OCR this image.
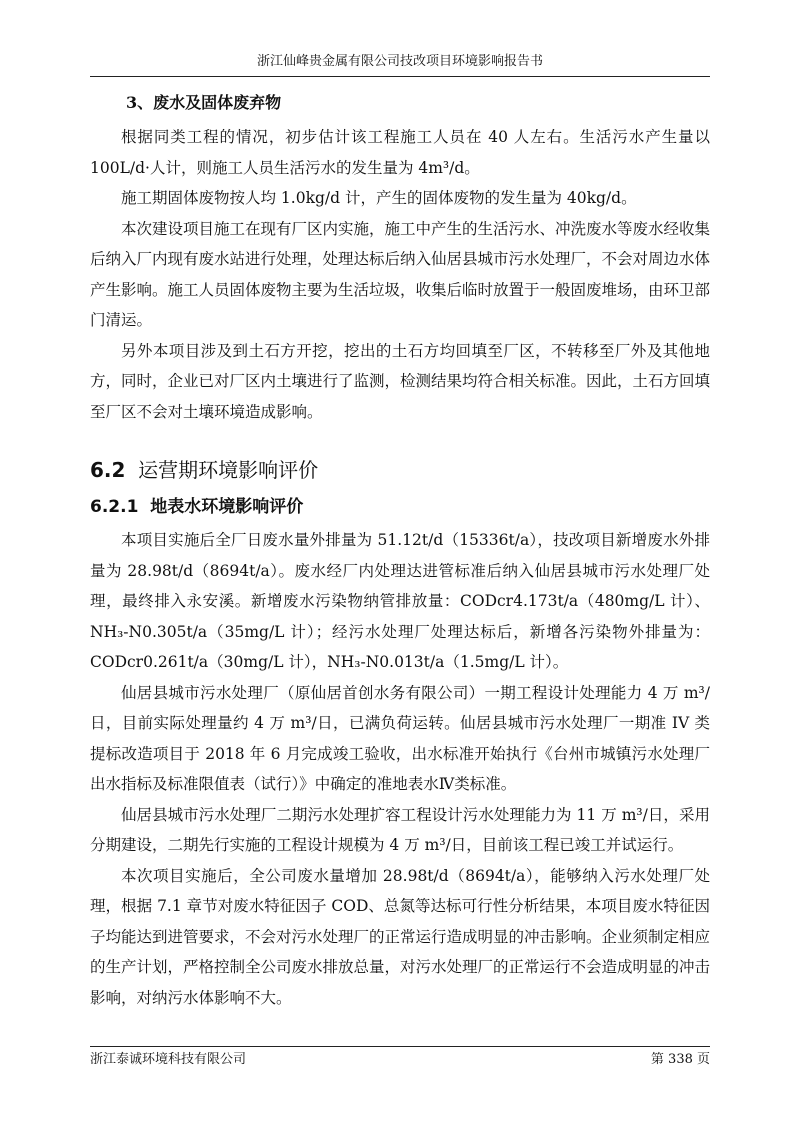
浙江仙峰贵金属有限公司技改项目环境影响报告书
3、废水及固体废弃物

根据同类工程的情况，初步估计该工程施工人员在 40 人左右。生活污水产生量以 100L/d·人计，则施工人员生活污水的发生量为 4m³/d。

施工期固体废物按人均 1.0kg/d 计，产生的固体废物的发生量为 40kg/d。

本次建设项目施工在现有厂区内实施，施工中产生的生活污水、冲洗废水等废水经收集后纳入厂内现有废水站进行处理，处理达标后纳入仙居县城市污水处理厂，不会对周边水体产生影响。施工人员固体废物主要为生活垃圾，收集后临时放置于一般固废堆场，由环卫部门清运。

另外本项目涉及到土石方开挖，挖出的土石方均回填至厂区，不转移至厂外及其他地方，同时，企业已对厂区内土壤进行了监测，检测结果均符合相关标准。因此，土石方回填至厂区不会对土壤环境造成影响。

6.2 运营期环境影响评价
6.2.1 地表水环境影响评价

本项目实施后全厂日废水量外排量为 51.12t/d（15336t/a），技改项目新增废水外排量为 28.98t/d（8694t/a）。废水经厂内处理达进管标准后纳入仙居县城市污水处理厂处理，最终排入永安溪。新增废水污染物纳管排放量：CODcr4.173t/a（480mg/L 计）、NH₃-N0.305t/a（35mg/L 计）；经污水处理厂处理达标后，新增各污染物外排量为：CODcr0.261t/a（30mg/L 计），NH₃-N0.013t/a（1.5mg/L 计）。

仙居县城市污水处理厂（原仙居首创水务有限公司）一期工程设计处理能力 4 万 m³/日，目前实际处理量约 4 万 m³/日，已满负荷运转。仙居县城市污水处理厂一期准 IV 类提标改造项目于 2018 年 6 月完成竣工验收，出水标准开始执行《台州市城镇污水处理厂出水指标及标准限值表（试行）》中确定的准地表水Ⅳ类标准。

仙居县城市污水处理厂二期污水处理扩容工程设计污水处理能力为 11 万 m³/日，采用分期建设，二期先行实施的工程设计规模为 4 万 m³/日，目前该工程已竣工并试运行。

本次项目实施后，全公司废水量增加 28.98t/d（8694t/a），能够纳入污水处理厂处理，根据 7.1 章节对废水特征因子 COD、总氮等达标可行性分析结果，本项目废水特征因子均能达到进管要求，不会对污水处理厂的正常运行造成明显的冲击影响。企业须制定相应的生产计划，严格控制全公司废水排放总量，对污水处理厂的正常运行不会造成明显的冲击影响，对纳污水体影响不大。

浙江泰诚环境科技有限公司	第 338 页
